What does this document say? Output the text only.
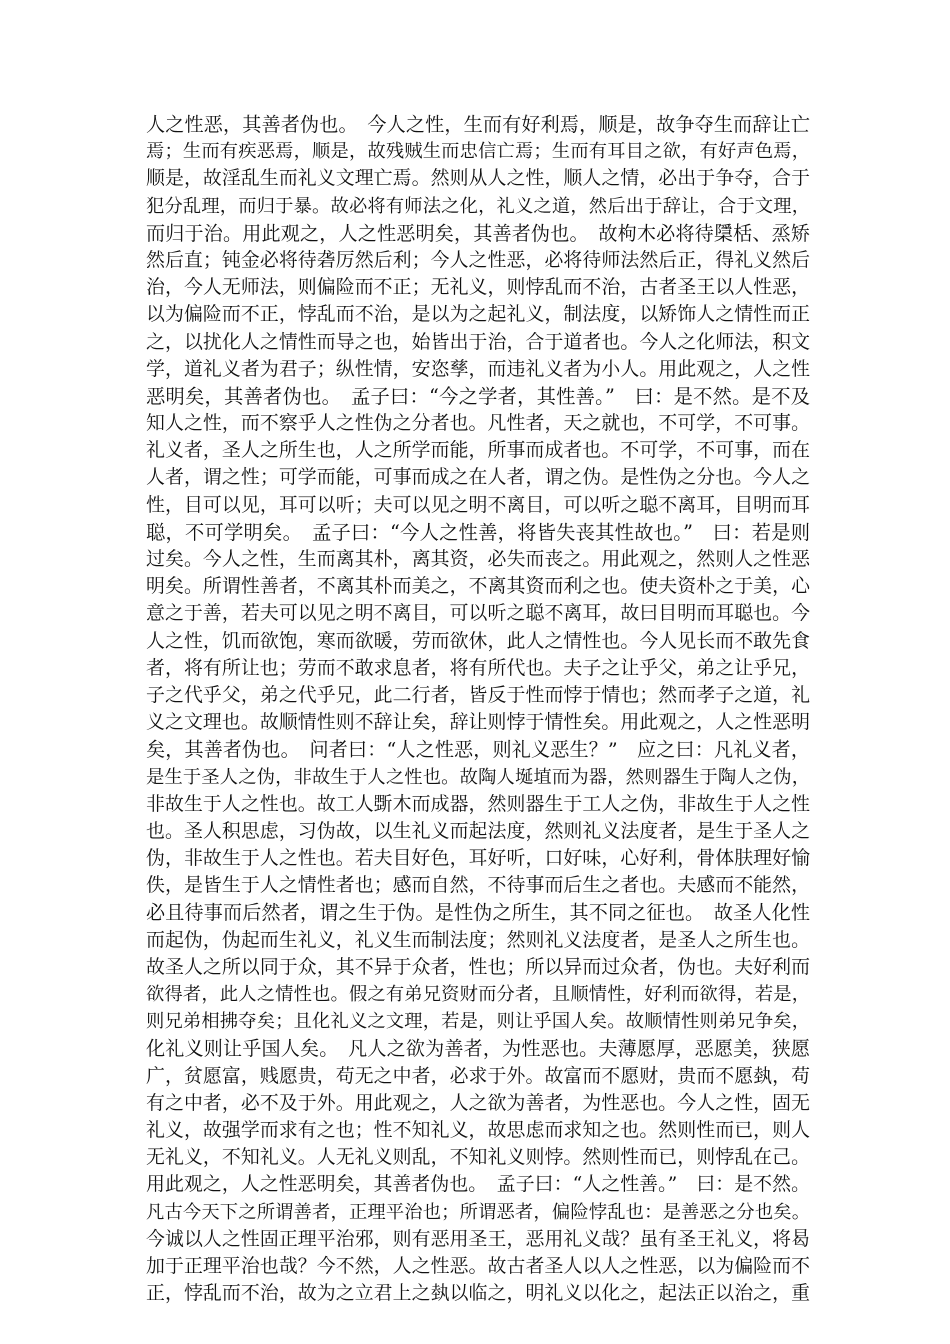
人之性恶，其善者伪也。　今人之性，生而有好利焉，顺是，故争夺生而辞让亡
焉；生而有疾恶焉，顺是，故残贼生而忠信亡焉；生而有耳目之欲，有好声色焉，
顺是，故淫乱生而礼义文理亡焉。然则从人之性，顺人之情，必出于争夺，合于
犯分乱理，而归于暴。故必将有师法之化，礼义之道，然后出于辞让，合于文理，
而归于治。用此观之，人之性恶明矣，其善者伪也。　故枸木必将待檃栝、烝矫
然后直；钝金必将待砻厉然后利；今人之性恶，必将待师法然后正，得礼义然后
治，今人无师法，则偏险而不正；无礼义，则悖乱而不治，古者圣王以人性恶，
以为偏险而不正，悖乱而不治，是以为之起礼义，制法度，以矫饰人之情性而正
之，以扰化人之情性而导之也，始皆出于治，合于道者也。今人之化师法，积文
学，道礼义者为君子；纵性情，安恣孳，而违礼义者为小人。用此观之，人之性
恶明矣，其善者伪也。　孟子曰：“今之学者，其性善。”　曰：是不然。是不及
知人之性，而不察乎人之性伪之分者也。凡性者，天之就也，不可学，不可事。
礼义者，圣人之所生也，人之所学而能，所事而成者也。不可学，不可事，而在
人者，谓之性；可学而能，可事而成之在人者，谓之伪。是性伪之分也。今人之
性，目可以见，耳可以听；夫可以见之明不离目，可以听之聪不离耳，目明而耳
聪，不可学明矣。　孟子曰：“今人之性善，将皆失丧其性故也。”　曰：若是则
过矣。今人之性，生而离其朴，离其资，必失而丧之。用此观之，然则人之性恶
明矣。所谓性善者，不离其朴而美之，不离其资而利之也。使夫资朴之于美，心
意之于善，若夫可以见之明不离目，可以听之聪不离耳，故曰目明而耳聪也。今
人之性，饥而欲饱，寒而欲暖，劳而欲休，此人之情性也。今人见长而不敢先食
者，将有所让也；劳而不敢求息者，将有所代也。夫子之让乎父，弟之让乎兄，
子之代乎父，弟之代乎兄，此二行者，皆反于性而悖于情也；然而孝子之道，礼
义之文理也。故顺情性则不辞让矣，辞让则悖于情性矣。用此观之，人之性恶明
矣，其善者伪也。　问者曰：“人之性恶，则礼义恶生？”　应之曰：凡礼义者，
是生于圣人之伪，非故生于人之性也。故陶人埏埴而为器，然则器生于陶人之伪，
非故生于人之性也。故工人斲木而成器，然则器生于工人之伪，非故生于人之性
也。圣人积思虑，习伪故，以生礼义而起法度，然则礼义法度者，是生于圣人之
伪，非故生于人之性也。若夫目好色，耳好听，口好味，心好利，骨体肤理好愉
佚，是皆生于人之情性者也；感而自然，不待事而后生之者也。夫感而不能然，
必且待事而后然者，谓之生于伪。是性伪之所生，其不同之征也。　故圣人化性
而起伪，伪起而生礼义，礼义生而制法度；然则礼义法度者，是圣人之所生也。
故圣人之所以同于众，其不异于众者，性也；所以异而过众者，伪也。夫好利而
欲得者，此人之情性也。假之有弟兄资财而分者，且顺情性，好利而欲得，若是，
则兄弟相拂夺矣；且化礼义之文理，若是，则让乎国人矣。故顺情性则弟兄争矣，
化礼义则让乎国人矣。　凡人之欲为善者，为性恶也。夫薄愿厚，恶愿美，狭愿
广，贫愿富，贱愿贵，苟无之中者，必求于外。故富而不愿财，贵而不愿埶，苟
有之中者，必不及于外。用此观之，人之欲为善者，为性恶也。今人之性，固无
礼义，故强学而求有之也；性不知礼义，故思虑而求知之也。然则性而已，则人
无礼义，不知礼义。人无礼义则乱，不知礼义则悖。然则性而已，则悖乱在己。
用此观之，人之性恶明矣，其善者伪也。　孟子曰：“人之性善。”　曰：是不然。
凡古今天下之所谓善者，正理平治也；所谓恶者，偏险悖乱也：是善恶之分也矣。
今诚以人之性固正理平治邪，则有恶用圣王，恶用礼义哉？虽有圣王礼义，将曷
加于正理平治也哉？今不然，人之性恶。故古者圣人以人之性恶，以为偏险而不
正，悖乱而不治，故为之立君上之埶以临之，明礼义以化之，起法正以治之，重
